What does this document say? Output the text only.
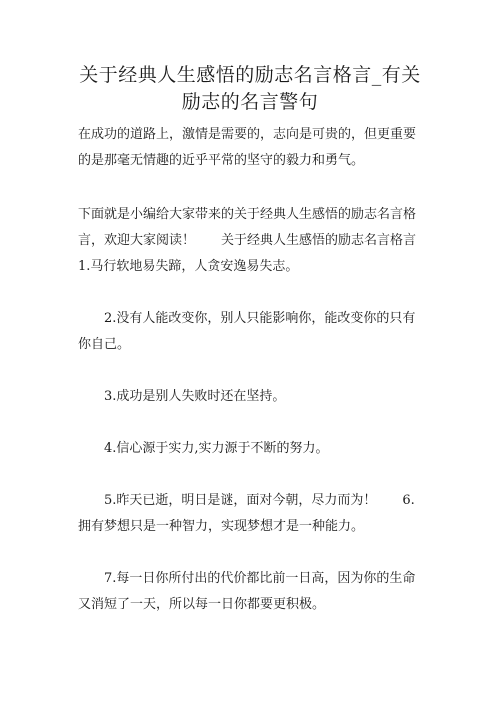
关于经典人生感悟的励志名言格言_有关励志的名言警句

在成功的道路上，激情是需要的，志向是可贵的，但更重要的是那毫无情趣的近乎平常的坚守的毅力和勇气。

下面就是小编给大家带来的关于经典人生感悟的励志名言格言，欢迎大家阅读！　　关于经典人生感悟的励志名言格言　　1.马行软地易失蹄，人贪安逸易失志。

2.没有人能改变你，别人只能影响你，能改变你的只有你自己。

3.成功是别人失败时还在坚持。

4.信心源于实力,实力源于不断的努力。

5.昨天已逝，明日是谜，面对今朝，尽力而为！　　6.拥有梦想只是一种智力，实现梦想才是一种能力。

7.每一日你所付出的代价都比前一日高，因为你的生命又消短了一天，所以每一日你都要更积极。
